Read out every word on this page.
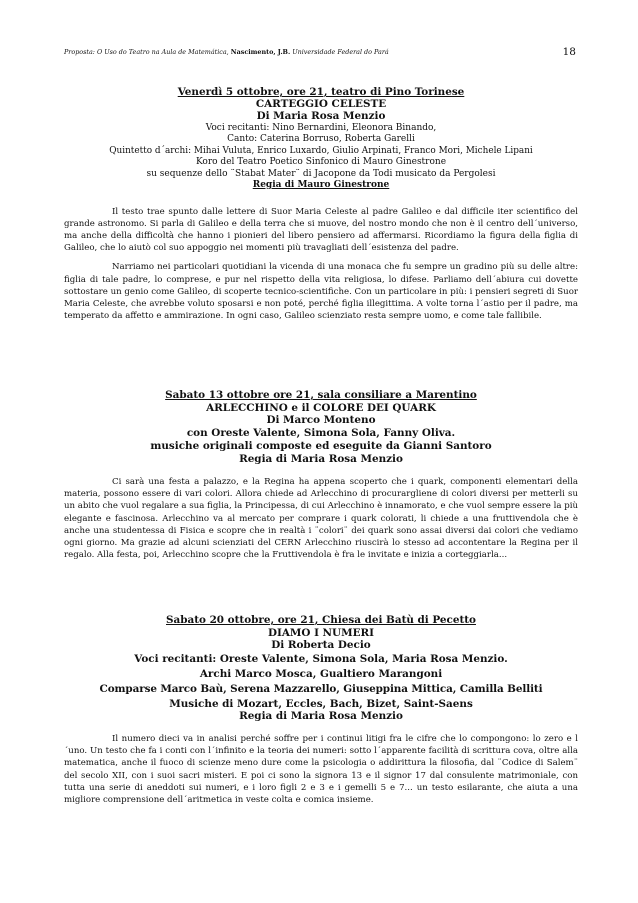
Proposta: O Uso do Teatro na Aula de Matemática, Nascimento, J.B. Universidade Federal do Pará	18
Venerdì 5 ottobre, ore 21, teatro di Pino Torinese
CARTEGGIO CELESTE
Di Maria Rosa Menzio
Voci recitanti: Nino Bernardini, Eleonora Binando,
Canto: Caterina Borruso, Roberta Garelli
Quintetto d´archi: Mihai Vuluta, Enrico Luxardo, Giulio Arpinati, Franco Mori, Michele Lipani
Koro del Teatro Poetico Sinfonico di Mauro Ginestrone
su sequenze dello ¨Stabat Mater¨ di Jacopone da Todi musicato da Pergolesi
Regia di Mauro Ginestrone

Il testo trae spunto dalle lettere di Suor Maria Celeste al padre Galileo e dal difficile iter scientifico del grande astronomo. Si parla di Galileo e della terra che si muove, del nostro mondo che non è il centro dell´universo, ma anche della difficoltà che hanno i pionieri del libero pensiero ad affermarsi. Ricordiamo la figura della figlia di Galileo, che lo aiutò col suo appoggio nei momenti più travagliati dell´esistenza del padre.

Narriamo nei particolari quotidiani la vicenda di una monaca che fu sempre un gradino più su delle altre: figlia di tale padre, lo comprese, e pur nel rispetto della vita religiosa, lo difese. Parliamo dell´abiura cui dovette sottostare un genio come Galileo, di scoperte tecnico-scientifiche. Con un particolare in più: i pensieri segreti di Suor Maria Celeste, che avrebbe voluto sposarsi e non poté, perché figlia illegittima. A volte torna l´astio per il padre, ma temperato da affetto e ammirazione. In ogni caso, Galileo scienziato resta sempre uomo, e come tale fallibile.

Sabato 13 ottobre ore 21, sala consiliare a Marentino
ARLECCHINO e il COLORE DEI QUARK
Di Marco Monteno
con Oreste Valente, Simona Sola, Fanny Oliva.
musiche originali composte ed eseguite da Gianni Santoro
Regia di Maria Rosa Menzio

Ci sarà una festa a palazzo, e la Regina ha appena scoperto che i quark, componenti elementari della materia, possono essere di vari colori. Allora chiede ad Arlecchino di procurargliene di colori diversi per metterli su un abito che vuol regalare a sua figlia, la Principessa, di cui Arlecchino è innamorato, e che vuol sempre essere la più elegante e fascinosa. Arlecchino va al mercato per comprare i quark colorati, li chiede a una fruttivendola che è anche una studentessa di Fisica e scopre che in realtà i ¨colori¨ dei quark sono assai diversi dai colori che vediamo ogni giorno. Ma grazie ad alcuni scienziati del CERN Arlecchino riuscirà lo stesso ad accontentare la Regina per il regalo. Alla festa, poi, Arlecchino scopre che la Fruttivendola è fra le invitate e inizia a corteggiarla...

Sabato 20 ottobre, ore 21, Chiesa dei Batù di Pecetto
DIAMO I NUMERI
Di Roberta Decio
Voci recitanti: Oreste Valente, Simona Sola, Maria Rosa Menzio.
Archi Marco Mosca, Gualtiero Marangoni
Comparse Marco Baù, Serena Mazzarello, Giuseppina Mittica, Camilla Belliti
Musiche di Mozart, Eccles, Bach, Bizet, Saint-Saens
Regia di Maria Rosa Menzio

Il numero dieci va in analisi perché soffre per i continui litigi fra le cifre che lo compongono: lo zero e l´uno. Un testo che fa i conti con l´infinito e la teoria dei numeri: sotto l´apparente facilità di scrittura cova, oltre alla matematica, anche il fuoco di scienze meno dure come la psicologia o addirittura la filosofia, dal ¨Codice di Salem¨ del secolo XII, con i suoi sacri misteri. E poi ci sono la signora 13 e il signor 17 dal consulente matrimoniale, con tutta una serie di aneddoti sui numeri, e i loro figli 2 e 3 e i gemelli 5 e 7... un testo esilarante, che aiuta a una migliore comprensione dell´aritmetica in veste colta e comica insieme.
